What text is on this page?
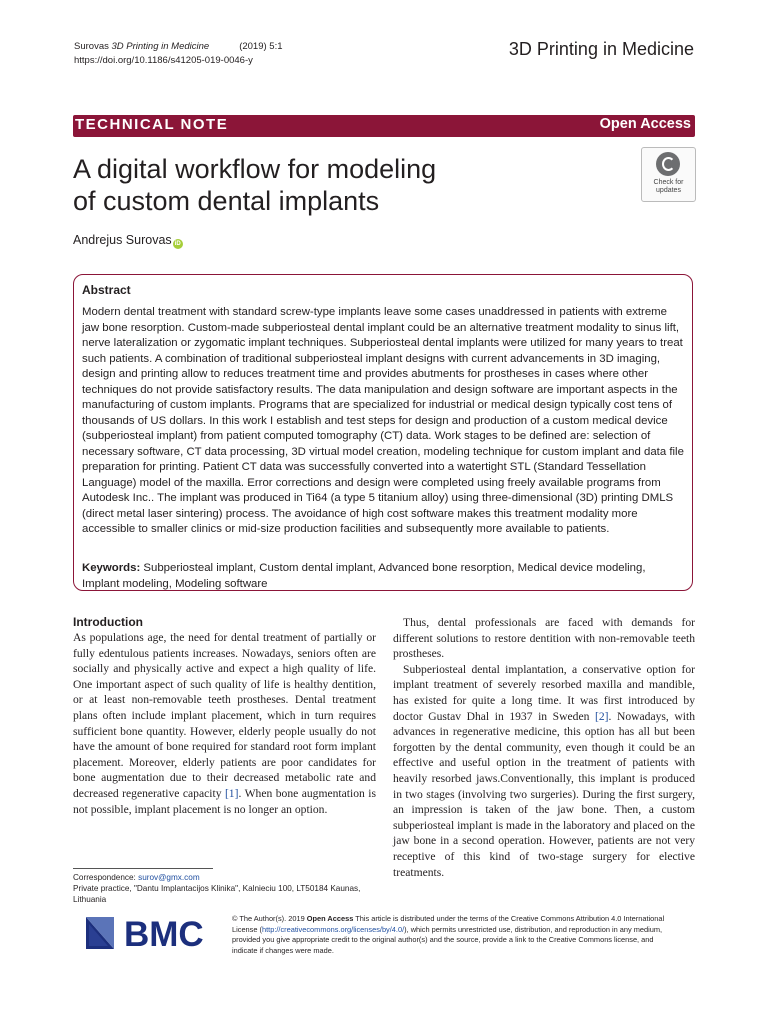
Surovas 3D Printing in Medicine	(2019) 5:1
https://doi.org/10.1186/s41205-019-0046-y
3D Printing in Medicine
TECHNICAL NOTE	Open Access
A digital workflow for modeling
of custom dental implants
Check for
updates
Andrejus Surovas iD
Abstract
Modern dental treatment with standard screw-type implants leave some cases unaddressed in patients with extreme jaw bone resorption. Custom-made subperiosteal dental implant could be an alternative treatment modality to sinus lift, nerve lateralization or zygomatic implant techniques. Subperiosteal dental implants were utilized for many years to treat such patients. A combination of traditional subperiosteal implant designs with current advancements in 3D imaging, design and printing allow to reduces treatment time and provides abutments for prostheses in cases where other techniques do not provide satisfactory results. The data manipulation and design software are important aspects in the manufacturing of custom implants. Programs that are specialized for industrial or medical design typically cost tens of thousands of US dollars. In this work I establish and test steps for design and production of a custom medical device (subperiosteal implant) from patient computed tomography (CT) data. Work stages to be defined are: selection of necessary software, CT data processing, 3D virtual model creation, modeling technique for custom implant and data file preparation for printing. Patient CT data was successfully converted into a watertight STL (Standard Tessellation Language) model of the maxilla. Error corrections and design were completed using freely available programs from Autodesk Inc.. The implant was produced in Ti64 (a type 5 titanium alloy) using three-dimensional (3D) printing DMLS (direct metal laser sintering) process. The avoidance of high cost software makes this treatment modality more accessible to smaller clinics or mid-size production facilities and subsequently more available to patients.
Keywords: Subperiosteal implant, Custom dental implant, Advanced bone resorption, Medical device modeling, Implant modeling, Modeling software
Introduction
As populations age, the need for dental treatment of partially or fully edentulous patients increases. Nowadays, seniors often are socially and physically active and expect a high quality of life. One important aspect of such quality of life is healthy dentition, or at least non-removable teeth prostheses. Dental treatment plans often include implant placement, which in turn requires sufficient bone quantity. However, elderly people usually do not have the amount of bone required for standard root form implant placement. Moreover, elderly patients are poor candidates for bone augmentation due to their decreased metabolic rate and decreased regenerative capacity [1]. When bone augmentation is not possible, implant placement is no longer an option.
Thus, dental professionals are faced with demands for different solutions to restore dentition with non-removable teeth prostheses.
Subperiosteal dental implantation, a conservative option for implant treatment of severely resorbed maxilla and mandible, has existed for quite a long time. It was first introduced by doctor Gustav Dhal in 1937 in Sweden [2]. Nowadays, with advances in regenerative medicine, this option has all but been forgotten by the dental community, even though it could be an effective and useful option in the treatment of patients with heavily resorbed jaws.Conventionally, this implant is produced in two stages (involving two surgeries). During the first surgery, an impression is taken of the jaw bone. Then, a custom subperiosteal implant is made in the laboratory and placed on the jaw bone in a second operation. However, patients are not very receptive of this kind of two-stage surgery for elective treatments.
Correspondence: surov@gmx.com
Private practice, "Dantu Implantacijos Klinika", Kalnieciu 100, LT50184 Kaunas, Lithuania
BMC	© The Author(s). 2019 Open Access This article is distributed under the terms of the Creative Commons Attribution 4.0 International License (http://creativecommons.org/licenses/by/4.0/), which permits unrestricted use, distribution, and reproduction in any medium, provided you give appropriate credit to the original author(s) and the source, provide a link to the Creative Commons license, and indicate if changes were made.
